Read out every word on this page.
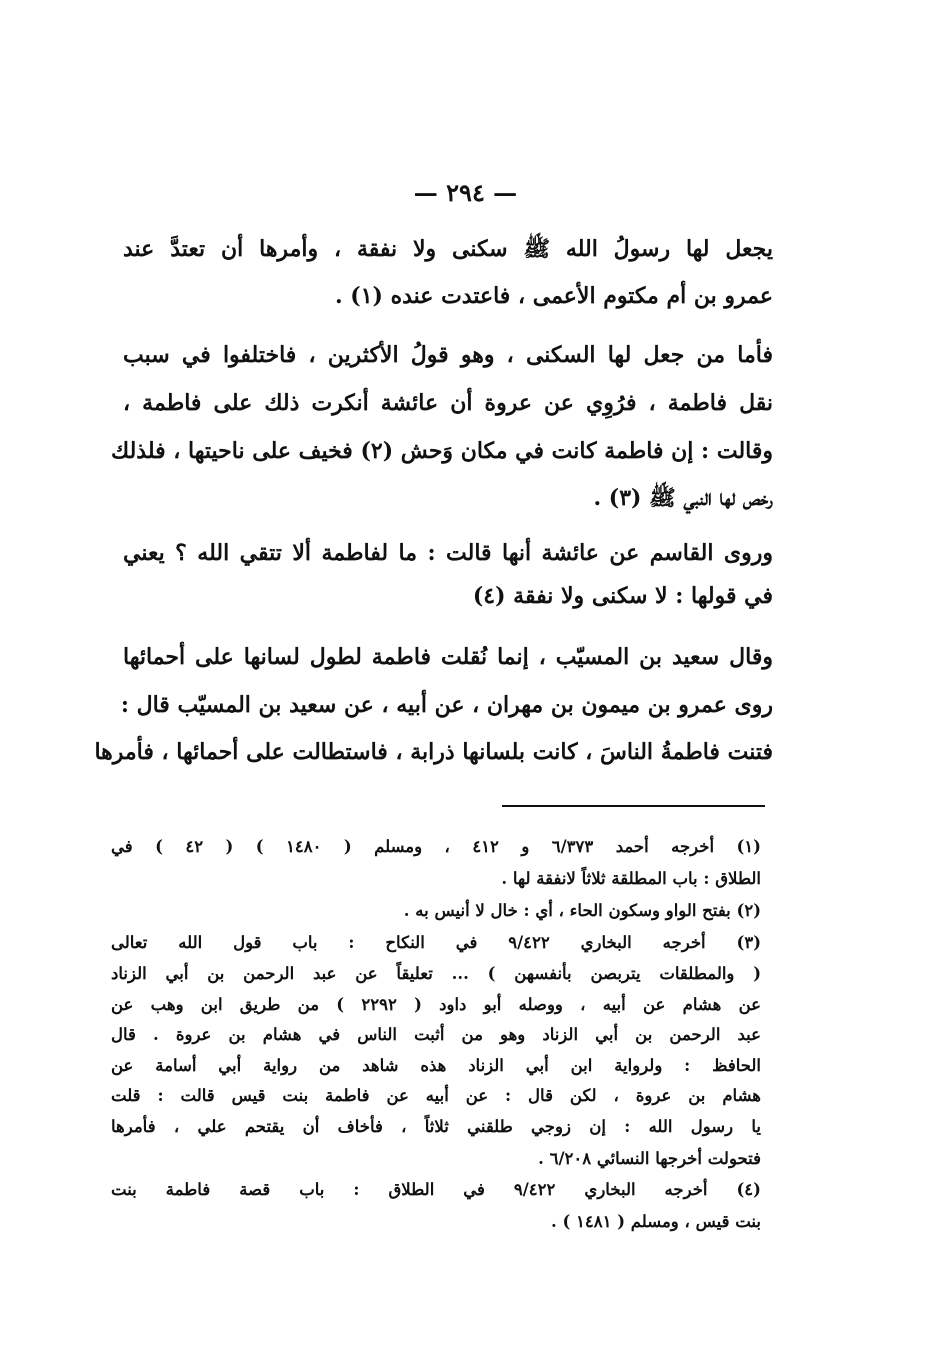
— ٢٩٤ —
يجعل لها رسولُ الله ﷺ سكنى ولا نفقة ، وأمرها أن تعتدَّ عند
عمرو بن أم مكتوم الأعمى ، فاعتدت عنده (١) .
فأما من جعل لها السكنى ، وهو قولُ الأكثرين ، فاختلفوا في سبب
نقل فاطمة ، فرُوِي عن عروة أن عائشة أنكرت ذلك على فاطمة ،
وقالت : إن فاطمة كانت في مكان وَحش (٢) فخيف على ناحيتها ، فلذلك
رخص لها النبي ﷺ (٣) .
وروى القاسم عن عائشة أنها قالت : ما لفاطمة ألا تتقي الله ؟ يعني
في قولها : لا سكنى ولا نفقة (٤)
وقال سعيد بن المسيّب ، إنما نُقلت فاطمة لطول لسانها على أحمائها
روى عمرو بن ميمون بن مهران ، عن أبيه ، عن سعيد بن المسيّب قال :
فتنت فاطمةُ الناسَ ، كانت بلسانها ذرابة ، فاستطالت على أحمائها ، فأمرها
(١) أخرجه أحمد ٦/٣٧٣ و ٤١٢ ، ومسلم ( ١٤٨٠ ) ( ٤٢ ) في
الطلاق : باب المطلقة ثلاثاً لانفقة لها .
(٢) بفتح الواو وسكون الحاء ، أي : خال لا أنيس به .
(٣) أخرجه البخاري ٩/٤٢٢ في النكاح : باب قول الله تعالى
( والمطلقات يتربصن بأنفسهن ) ... تعليقاً عن عبد الرحمن بن أبي الزناد
عن هشام عن أبيه ، ووصله أبو داود ( ٢٢٩٢ ) من طريق ابن وهب عن
عبد الرحمن بن أبي الزناد وهو من أثبت الناس في هشام بن عروة . قال
الحافظ : ولرواية ابن أبي الزناد هذه شاهد من رواية أبي أسامة عن
هشام بن عروة ، لكن قال : عن أبيه عن فاطمة بنت قيس قالت : قلت
يا رسول الله : إن زوجي طلقني ثلاثاً ، فأخاف أن يقتحم علي ، فأمرها
فتحولت أخرجها النسائي ٦/٢٠٨ .
(٤) أخرجه البخاري ٩/٤٢٢ في الطلاق : باب قصة فاطمة بنت
بنت قيس ، ومسلم ( ١٤٨١ ) .
